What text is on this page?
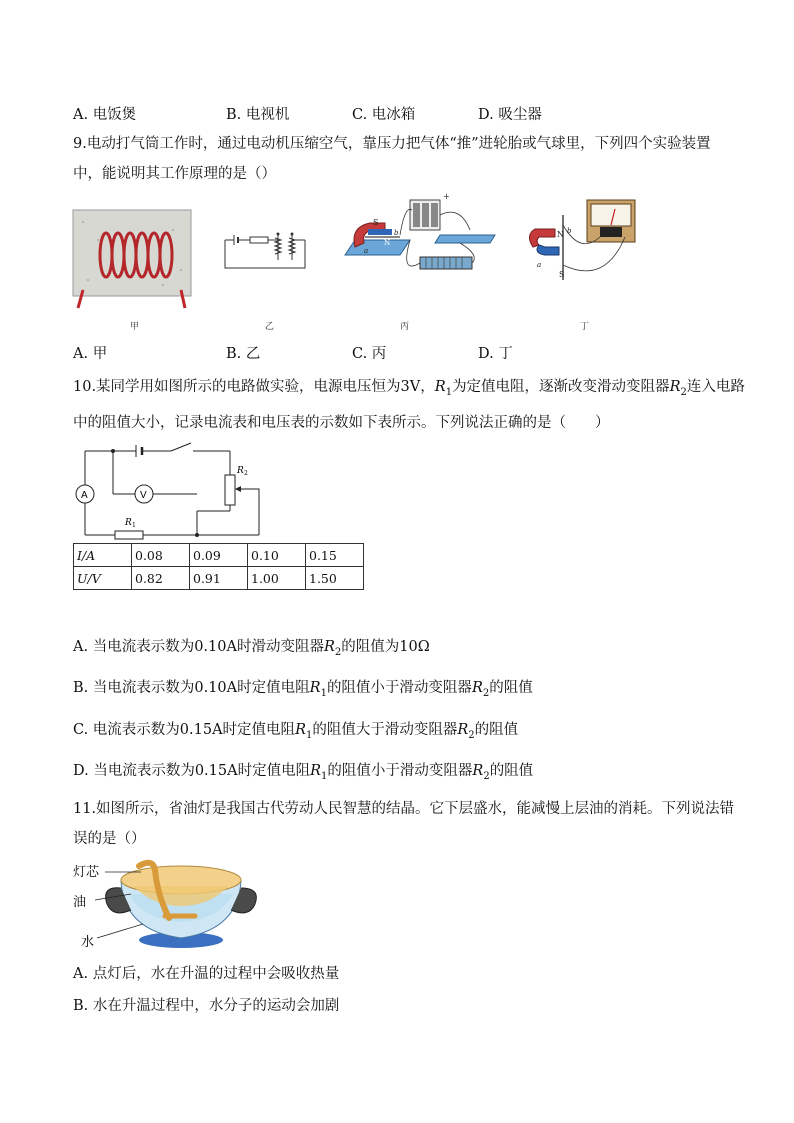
A. 电饭煲	B. 电视机	C. 电冰箱	D. 吸尘器
9.电动打气筒工作时，通过电动机压缩空气，靠压力把气体“推”进轮胎或气球里，下列四个实验装置
中，能说明其工作原理的是（）
S
b
a
N
+
N b
a
S
甲	乙	丙	丁
A. 甲	B. 乙	C. 丙	D. 丁
10.某同学用如图所示的电路做实验，电源电压恒为3V，$R_1$为定值电阻，逐渐改变滑动变阻器$R_2$连入电路
中的阻值大小，记录电流表和电压表的示数如下表所示。下列说法正确的是（　　）
A	V
R 1
R 2
I/A	0.08	0.09	0.10	0.15
U/V	0.82	0.91	1.00	1.50
A. 当电流表示数为0.10A时滑动变阻器$R_2$的阻值为10Ω
B. 当电流表示数为0.10A时定值电阻$R_1$的阻值小于滑动变阻器$R_2$的阻值
C. 电流表示数为0.15A时定值电阻$R_1$的阻值大于滑动变阻器$R_2$的阻值
D. 当电流表示数为0.15A时定值电阻$R_1$的阻值小于滑动变阻器$R_2$的阻值
11.如图所示，省油灯是我国古代劳动人民智慧的结晶。它下层盛水，能减慢上层油的消耗。下列说法错
误的是（）
灯芯
油
水
A. 点灯后，水在升温的过程中会吸收热量
B. 水在升温过程中，水分子的运动会加剧
